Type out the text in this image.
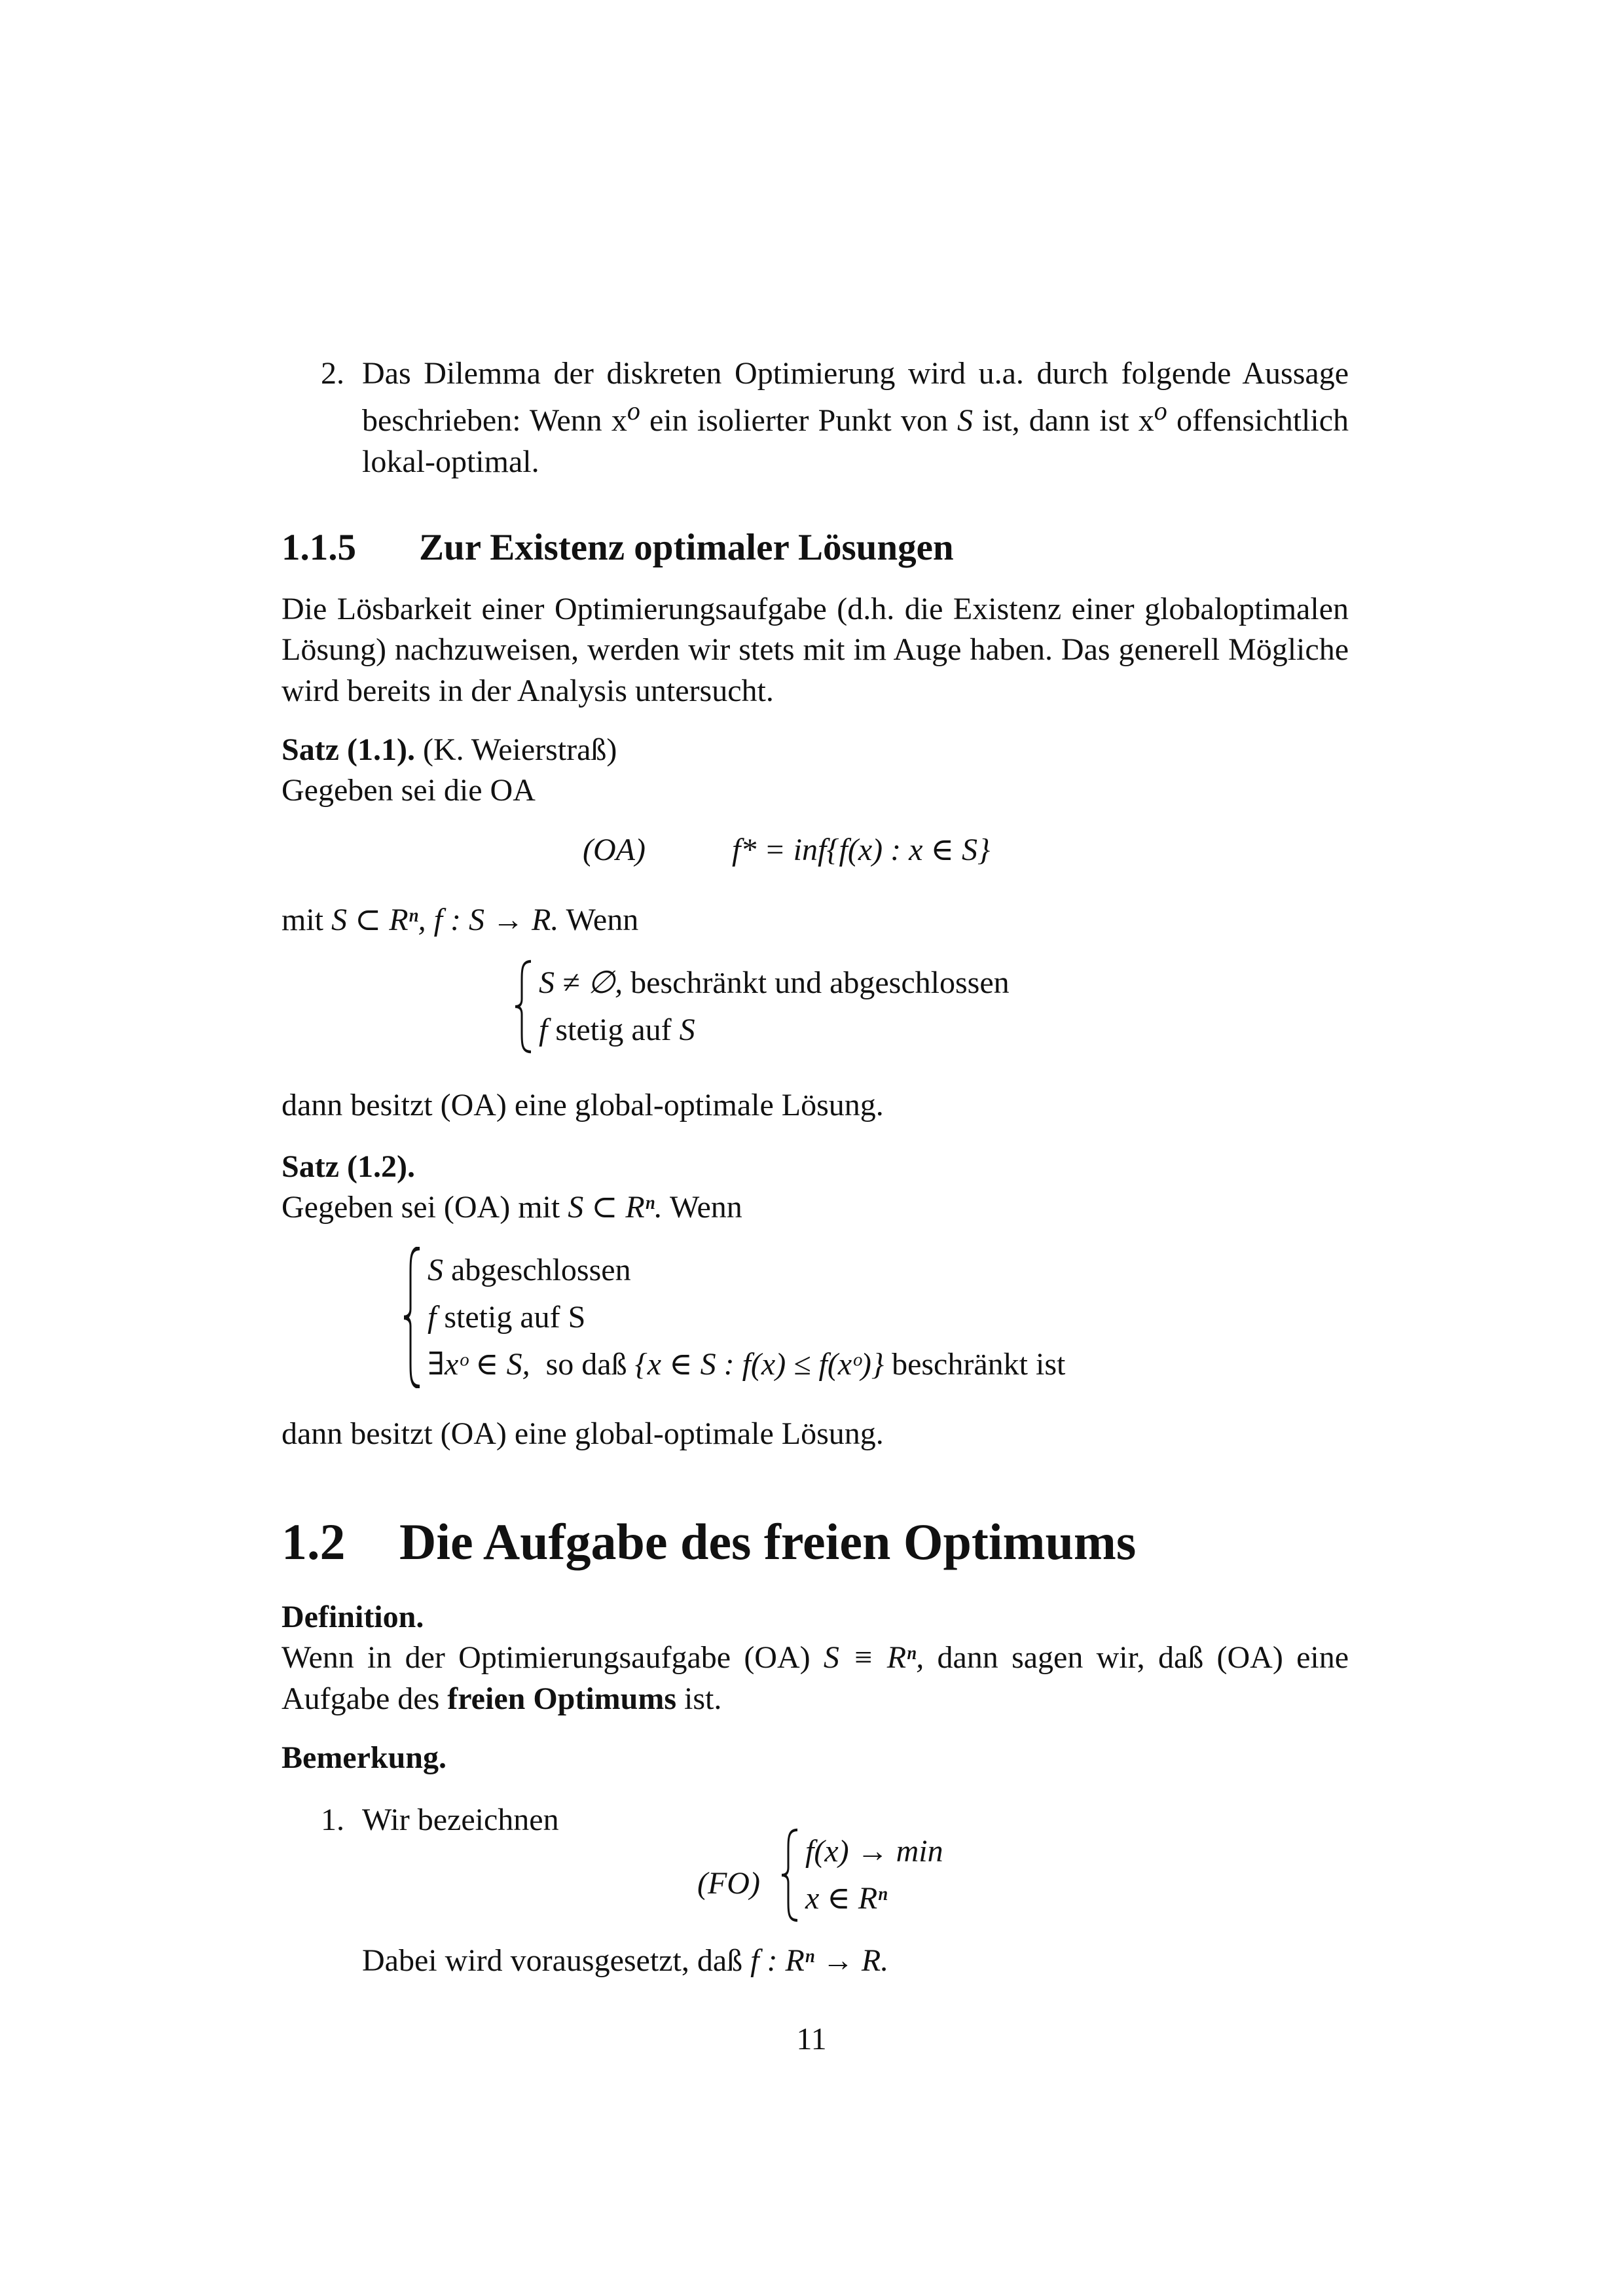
2. Das Dilemma der diskreten Optimierung wird u.a. durch folgende Aussage beschrieben: Wenn $x^o$ ein isolierter Punkt von S ist, dann ist $x^o$ offensichtlich lokal-optimal.

1.1.5 Zur Existenz optimaler Lösungen

Die Lösbarkeit einer Optimierungsaufgabe (d.h. die Existenz einer globaloptimalen Lösung) nachzuweisen, werden wir stets mit im Auge haben. Das generell Mögliche wird bereits in der Analysis untersucht.

Satz (1.1). (K. Weierstraß)
Gegeben sei die OA
(OA)	f* = inf{f(x) : x ∈ S}
mit S ⊂ Rⁿ, f : S → R. Wenn
S ≠ ∅, beschränkt und abgeschlossen
f stetig auf S

dann besitzt (OA) eine global-optimale Lösung.

Satz (1.2).
Gegeben sei (OA) mit S ⊂ Rⁿ. Wenn
S abgeschlossen
f stetig auf S
∃xᵒ ∈ S,  so daß {x ∈ S : f(x) ≤ f(xᵒ)} beschränkt ist

dann besitzt (OA) eine global-optimale Lösung.

1.2 Die Aufgabe des freien Optimums
Definition.

Wenn in der Optimierungsaufgabe (OA) S ≡ Rⁿ, dann sagen wir, daß (OA) eine Aufgabe des freien Optimums ist.

Bemerkung.
1. Wir bezeichnen
(FO)
f(x) → min
x ∈ Rⁿ
Dabei wird vorausgesetzt, daß f : Rⁿ → R.
11
